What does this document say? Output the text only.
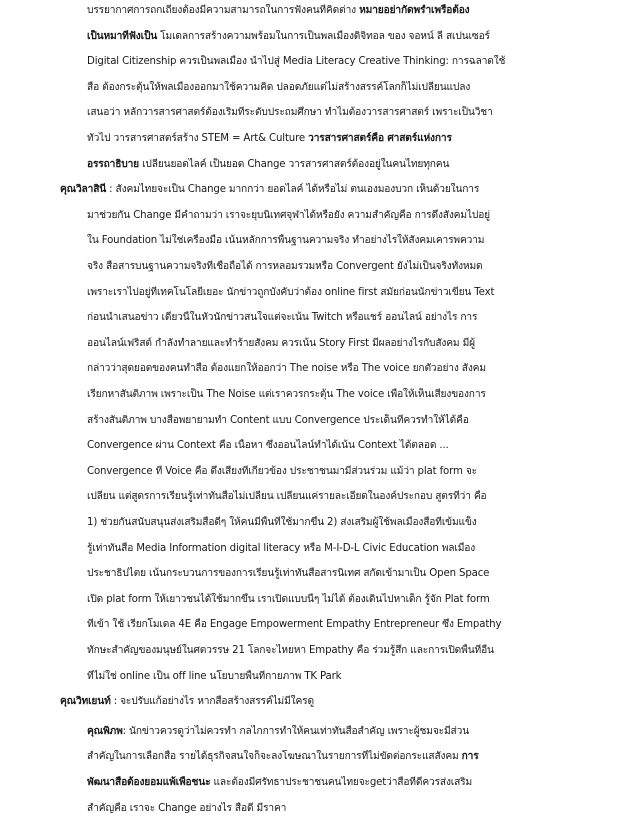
บรรยากาศการถกเถียงต้องมีความสามารถในการฟังคนที่คิดต่าง หมายอย่ากัดพร่ำเพรื่อต้อง
เป็นหมาที่ฟังเป็น โมเดลการสร้างความพร้อมในการเป็นพลเมืองดิจิทอล ของ จอหน์ ลี สเปนเซอร์
Digital Citizenship ควรเป็นพลเมือง นำไปสู่ Media Literacy Creative Thinking: การฉลาดใช้
สื่อ ต้องกระตุ้นให้พลเมืองออกมาใช้ความคิด ปลอดภัยแต่ไม่สร้างสรรค์โลกก็ไม่เปลี่ยนแปลง
เสนอว่า หลักวารสารศาสตร์ต้องเริ่มที่ระดับประถมศึกษา ทำไมต้องวารสารศาสตร์ เพราะเป็นวิชา
ทั่วไป วารสารศาสตร์สร้าง STEM = Art& Culture วารสารศาสตร์คือ ศาสตร์แห่งการ
อรรถาธิบาย เปลี่ยนยอดไลค์ เป็นยอด Change วารสารศาสตร์ต้องอยู่ในคนไทยทุกคน
คุณวิลาสินี : สังคมไทยจะเป็น Change มากกว่า ยอดไลค์ ได้หรือไม่ ตนเองมองบวก เห็นด้วยในการ
มาช่วยกัน Change มีคำถามว่า เราจะยุบนิเทศจุฬาได้หรือยัง ความสำคัญคือ การดึงสังคมไปอยู่
ใน Foundation ไม่ใช่เครื่องมือ เน้นหลักการพื้นฐานความจริง ทำอย่างไรให้สังคมเคารพความ
จริง สื่อสารบนฐานความจริงที่เชื่อถือได้ การหลอมรวมหรือ Convergent ยังไม่เป็นจริงทั้งหมด
เพราะเราไปอยู่ที่เทคโนโลยีเยอะ นักข่าวถูกบังคับว่าต้อง online first สมัยก่อนนักข่าวเขียน Text
ก่อนนำเสนอข่าว เดี๋ยวนี้ในหัวนักข่าวสนใจแต่จะเน้น Twitch หรือแชร์ ออนไลน์ อย่างไร การ
ออนไลน์เฟริสต์ กำลังทำลายและทำร้ายสังคม ควรเน้น Story First มีผลอย่างไรกับสังคม มีผู้
กล่าวว่าสุดยอดของคนทำสื่อ ต้องแยกให้ออกว่า The noise หรือ The voice ยกตัวอย่าง สังคม
เรียกหาสันติภาพ เพราะเป็น The Noise แต่เราควรกระตุ้น The voice เพื่อให้เห็นเสียงของการ
สร้างสันติภาพ บางสื่อพยายามทำ Content แบบ Convergence ประเด็นที่ควรทำให้ได้คือ
Convergence ผ่าน Context คือ เนื้อหา ซึ่งออนไลน์ทำได้เน้น Context ได้ตลอด ...
Convergence ที่ Voice คือ ดึงเสียงที่เกี่ยวข้อง ประชาชนมามีส่วนร่วม แม้ว่า plat form จะ
เปลี่ยน แต่สูตรการเรียนรู้เท่าทันสื่อไม่เปลี่ยน เปลี่ยนแค่รายละเอียดในองค์ประกอบ สูตรที่ว่า คือ
1) ช่วยกันสนับสนุนส่งเสริมสื่อดีๆ ให้คนมีพื้นที่ใช้มากขึ้น 2) ส่งเสริมผู้ใช้พลเมืองสื่อที่เข้มแข็ง
รู้เท่าทันสื่อ Media Information digital literacy หรือ M-I-D-L Civic Education พลเมือง
ประชาธิปไตย เน้นกระบวนการของการเรียนรู้เท่าทันสื่อสารนิเทศ สกัดเข้ามาเป็น Open Space
เปิด plat form ให้เยาวชนได้ใช้มากขึ้น เราเปิดแบบนี้ๆ ไม่ได้ ต้องเดินไปหาเด็ก รู้จัก Plat form
ที่เข้า ใช้ เรียกโมเดล 4E คือ Engage Empowerment Empathy Entrepreneur ซึ่ง Empathy
ทักษะสำคัญของมนุษย์ในศตวรรษ 21 โลกจะไหยหา Empathy คือ ร่วมรู้สึก และการเปิดพื้นที่อื่น
ที่ไม่ใช่ online เป็น off line นโยบายพื้นที่กายภาพ TK Park
คุณวิทเยนท์ : จะปรับแก้อย่างไร หากสื่อสร้างสรรค์ไม่มีใครดู
คุณพิภพ: นักข่าวควรดูว่าไม่ควรทำ กลไกการทำให้คนเท่าทันสื่อสำคัญ เพราะผู้ชมจะมีส่วน
สำคัญในการเลือกสื่อ รายได้ธุรกิจสนใจก็จะลงโฆษณาในรายการที่ไม่ขัดต่อกระแสสังคม การ
พัฒนาสื่อต้องยอมแพ้เพื่อชนะ และต้องมีศรัทธาประชาชนคนไทยจะgetว่าสื่อที่ดีควรส่งเสริม
สำคัญคือ เราจะ Change อย่างไร สื่อดี มีราคา
